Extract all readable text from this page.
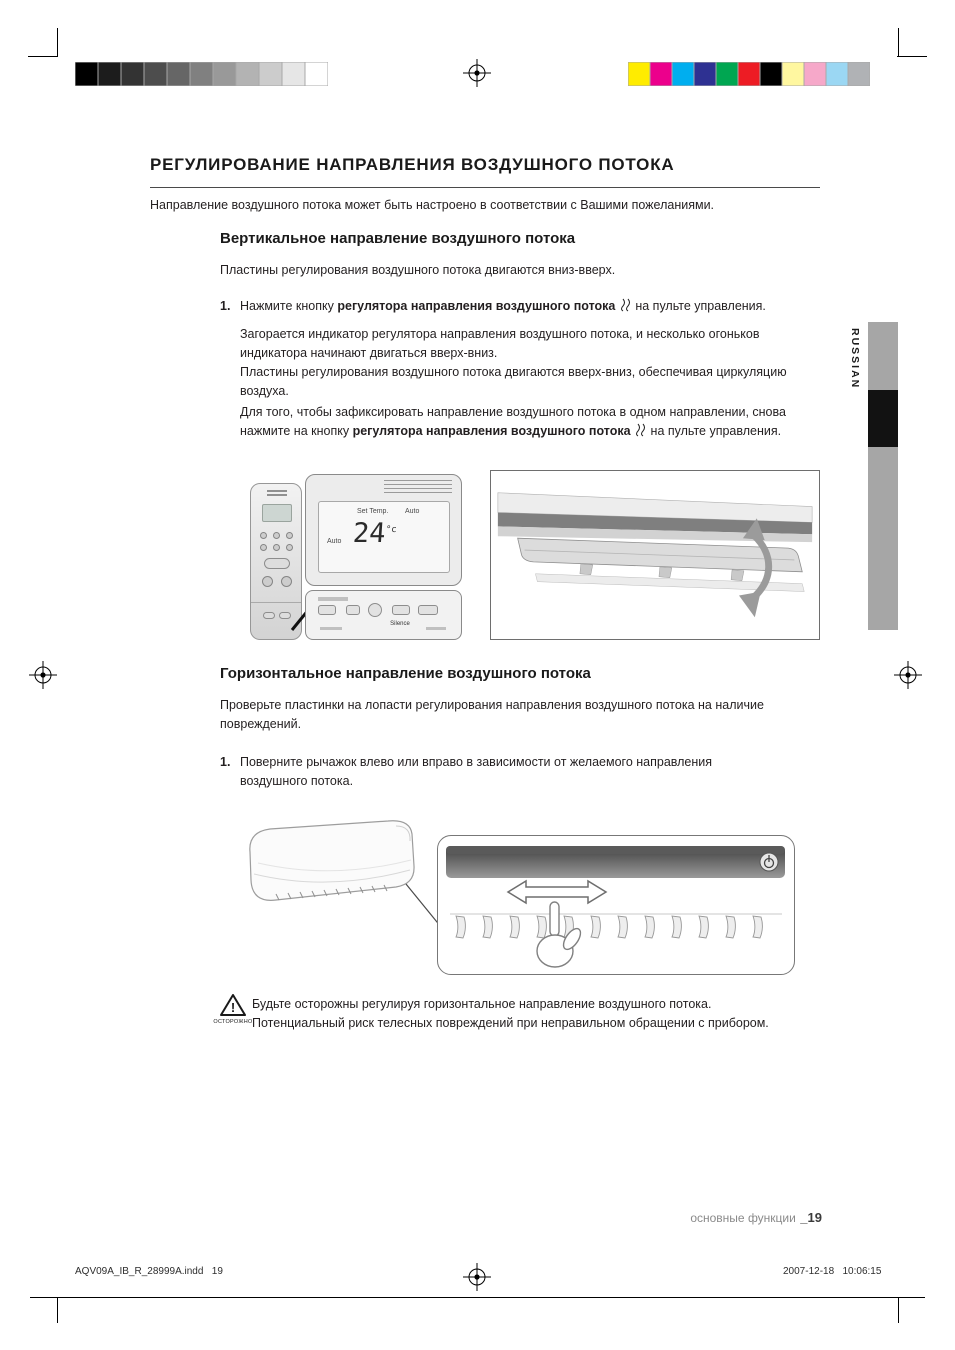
РЕГУЛИРОВАНИЕ НАПРАВЛЕНИЯ ВОЗДУШНОГО ПОТОКА
Направление воздушного потока может быть настроено в соответствии с Вашими пожеланиями.
Вертикальное направление воздушного потока
Пластины регулирования воздушного потока двигаются вниз-вверх.
1. Нажмите кнопку регулятора направления воздушного потока  на пульте управления.

Загорается индикатор регулятора направления воздушного потока, и несколько огоньков индикатора начинают двигаться вверх-вниз.

Пластины регулирования воздушного потока двигаются вверх-вниз, обеспечивая циркуляцию воздуха.

Для того, чтобы зафиксировать направление воздушного потока в одном направлении, снова нажмите на кнопку регулятора направления воздушного потока  на пульте управления.
Set Temp. Auto
Auto $24^{^\circ c}$
Silence
RUSSIAN
Горизонтальное направление воздушного потока
Проверьте пластинки на лопасти регулирования направления воздушного потока на наличие повреждений.
1. Поверните рычажок влево или вправо в зависимости от желаемого направления воздушного потока.
!
ОСТОРОЖНО
Будьте осторожны регулируя горизонтальное направление воздушного потока.
Потенциальный риск телесных повреждений при неправильном обращении с прибором.
основные функции _19
AQV09A_IB_R_28999A.indd   19	2007-12-18   10:06:15
